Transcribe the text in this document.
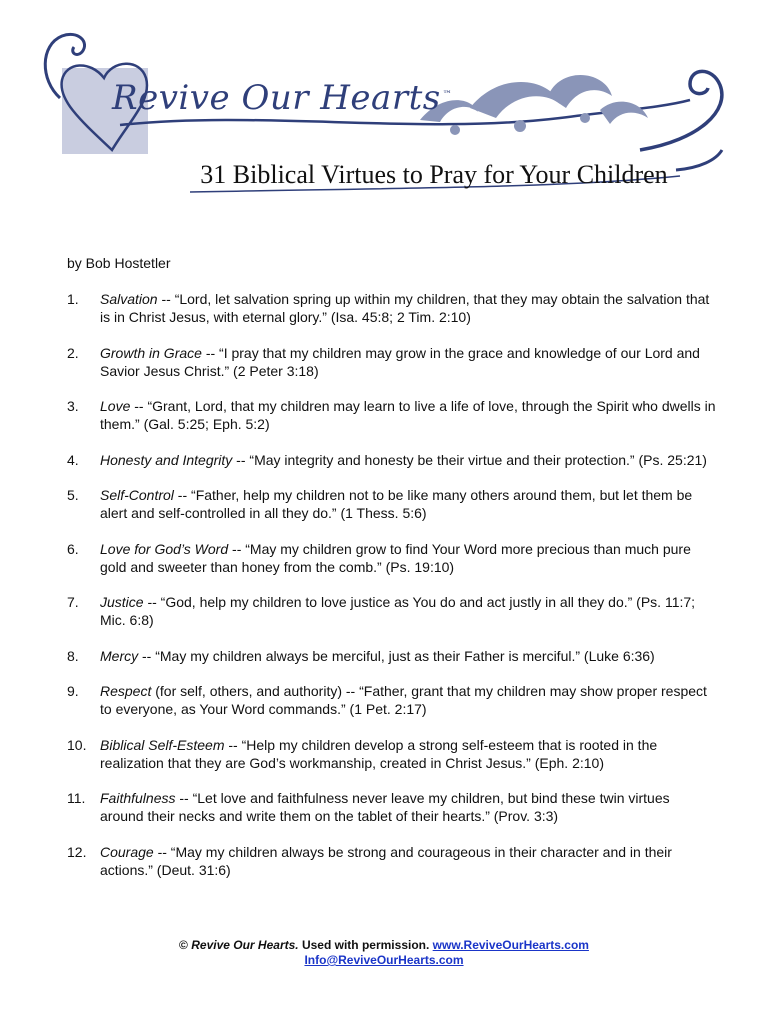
Revive Our Hearts ™
31 Biblical Virtues to Pray for Your Children
by Bob Hostetler
1. Salvation -- “Lord, let salvation spring up within my children, that they may obtain the salvation that is in Christ Jesus, with eternal glory.” (Isa. 45:8; 2 Tim. 2:10)
2. Growth in Grace -- “I pray that my children may grow in the grace and knowledge of our Lord and Savior Jesus Christ.” (2 Peter 3:18)
3. Love -- “Grant, Lord, that my children may learn to live a life of love, through the Spirit who dwells in them.” (Gal. 5:25; Eph. 5:2)
4. Honesty and Integrity -- “May integrity and honesty be their virtue and their protection.” (Ps. 25:21)
5. Self-Control -- “Father, help my children not to be like many others around them, but let them be alert and self-controlled in all they do.” (1 Thess. 5:6)
6. Love for God’s Word -- “May my children grow to find Your Word more precious than much pure gold and sweeter than honey from the comb.” (Ps. 19:10)
7. Justice -- “God, help my children to love justice as You do and act justly in all they do.” (Ps. 11:7; Mic. 6:8)
8. Mercy -- “May my children always be merciful, just as their Father is merciful.” (Luke 6:36)
9. Respect (for self, others, and authority) -- “Father, grant that my children may show proper respect to everyone, as Your Word commands.” (1 Pet. 2:17)
10. Biblical Self-Esteem -- “Help my children develop a strong self-esteem that is rooted in the realization that they are God’s workmanship, created in Christ Jesus.” (Eph. 2:10)
11. Faithfulness -- “Let love and faithfulness never leave my children, but bind these twin virtues around their necks and write them on the tablet of their hearts.” (Prov. 3:3)
12. Courage -- “May my children always be strong and courageous in their character and in their actions.” (Deut. 31:6)
© Revive Our Hearts. Used with permission. www.ReviveOurHearts.com
Info@ReviveOurHearts.com
